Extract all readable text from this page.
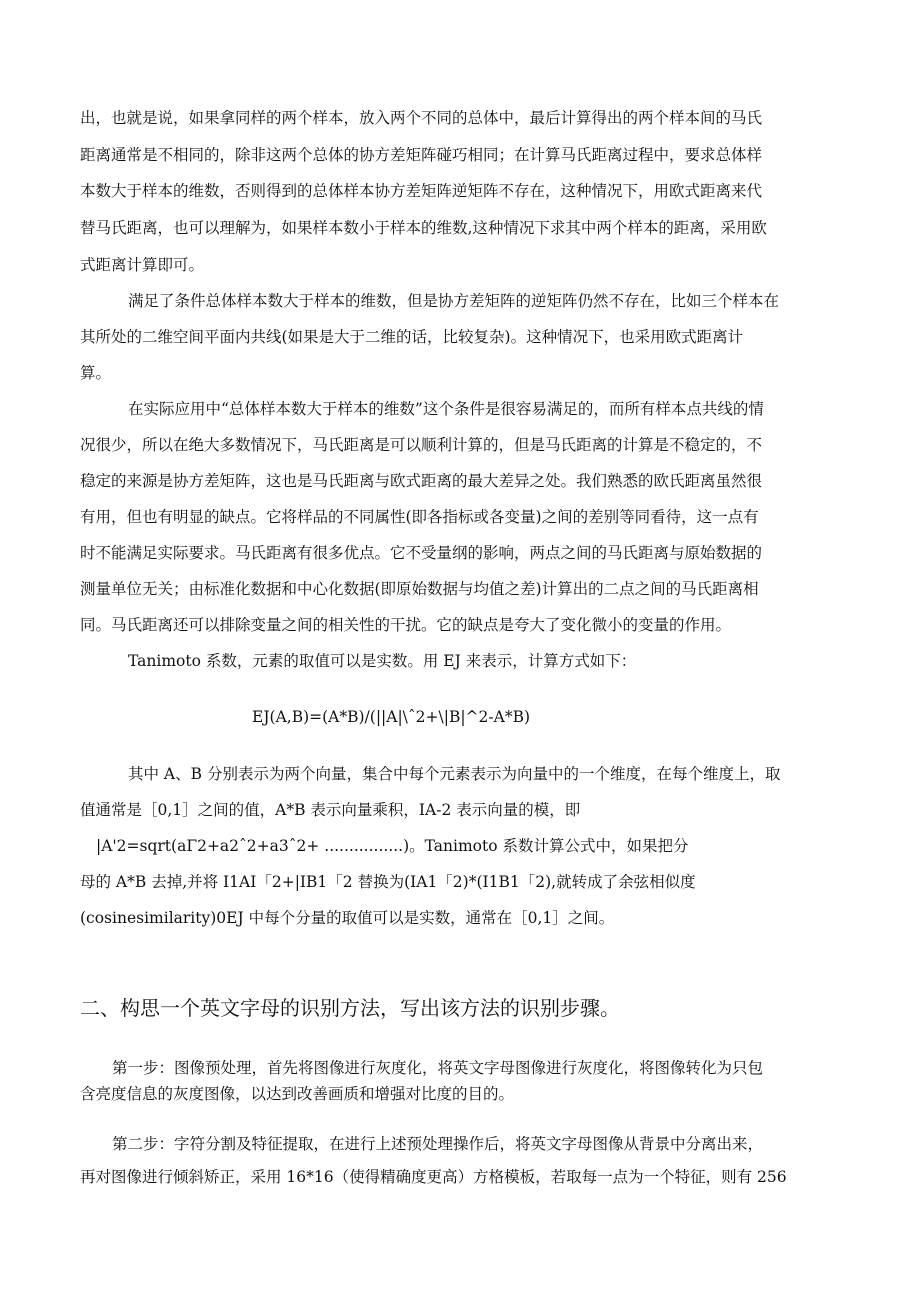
出，也就是说，如果拿同样的两个样本，放入两个不同的总体中，最后计算得出的两个样本间的马氏

距离通常是不相同的，除非这两个总体的协方差矩阵碰巧相同；在计算马氏距离过程中，要求总体样

本数大于样本的维数，否则得到的总体样本协方差矩阵逆矩阵不存在，这种情况下，用欧式距离来代

替马氏距离，也可以理解为，如果样本数小于样本的维数,这种情况下求其中两个样本的距离，采用欧

式距离计算即可。

满足了条件总体样本数大于样本的维数，但是协方差矩阵的逆矩阵仍然不存在，比如三个样本在

其所处的二维空间平面内共线(如果是大于二维的话，比较复杂)。这种情况下，也采用欧式距离计

算。

在实际应用中“总体样本数大于样本的维数”这个条件是很容易满足的，而所有样本点共线的情

况很少，所以在绝大多数情况下，马氏距离是可以顺利计算的，但是马氏距离的计算是不稳定的，不

稳定的来源是协方差矩阵，这也是马氏距离与欧式距离的最大差异之处。我们熟悉的欧氏距离虽然很

有用，但也有明显的缺点。它将样品的不同属性(即各指标或各变量)之间的差别等同看待，这一点有

时不能满足实际要求。马氏距离有很多优点。它不受量纲的影响，两点之间的马氏距离与原始数据的

测量单位无关；由标准化数据和中心化数据(即原始数据与均值之差)计算出的二点之间的马氏距离相

同。马氏距离还可以排除变量之间的相关性的干扰。它的缺点是夸大了变化微小的变量的作用。

Tanimoto 系数，元素的取值可以是实数。用 EJ 来表示，计算方式如下：

EJ(A,B)=(A*B)/(||A|\ˆ2+\|B|^2-A*B)

其中 A、B 分别表示为两个向量，集合中每个元素表示为向量中的一个维度，在每个维度上，取

值通常是［0,1］之间的值，A*B 表示向量乘积，IA-2 表示向量的模，即

|A'2=sqrt(aΓ2+a2ˆ2+a3ˆ2+ ................)。Tanimoto 系数计算公式中，如果把分

母的 A*B 去掉,并将 I1AI「2+|IB1「2 替换为(IA1「2)*(I1B1「2),就转成了余弦相似度

(cosinesimilarity)0EJ 中每个分量的取值可以是实数，通常在［0,1］之间。

二、构思一个英文字母的识别方法，写出该方法的识别步骤。

第一步：图像预处理，首先将图像进行灰度化，将英文字母图像进行灰度化，将图像转化为只包

含亮度信息的灰度图像，以达到改善画质和增强对比度的目的。

第二步：字符分割及特征提取，在进行上述预处理操作后，将英文字母图像从背景中分离出来，

再对图像进行倾斜矫正，采用 16*16（使得精确度更高）方格模板，若取每一点为一个特征，则有 256
